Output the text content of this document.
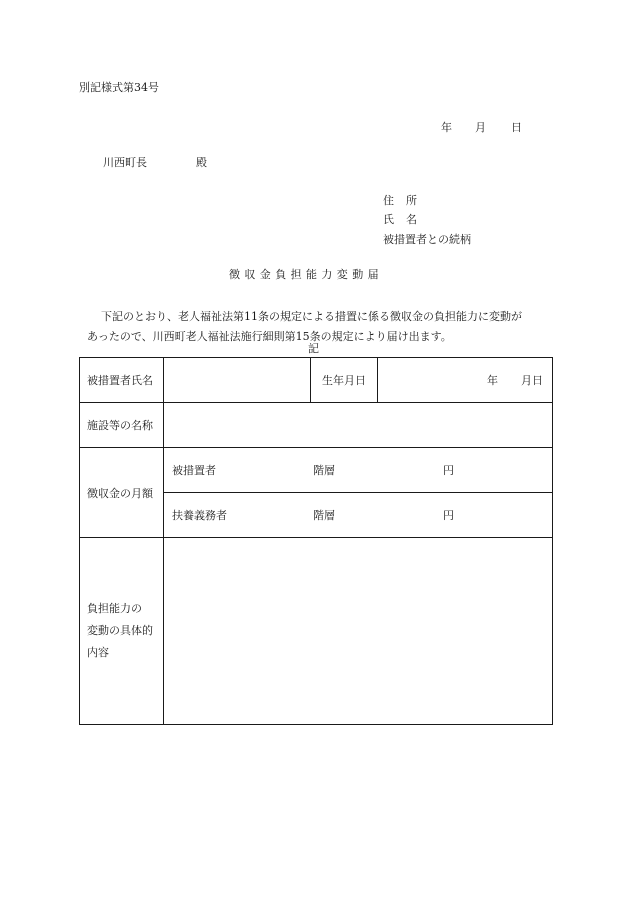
別記様式第34号
年 月 日
川西町長	殿
住 所
氏 名
被措置者との続柄
徴収金負担能力変動届

下記のとおり、老人福祉法第11条の規定による措置に係る徴収金の負担能力に変動が

あったので、川西町老人福祉法施行細則第15条の規定により届け出ます。

記
被措置者氏名		生年月日	年 月日
施設等の名称			
徴収金の月額	被措置者 階層 円		
	扶養義務者 階層 円		

負担能力の
変動の具体的
内容			
